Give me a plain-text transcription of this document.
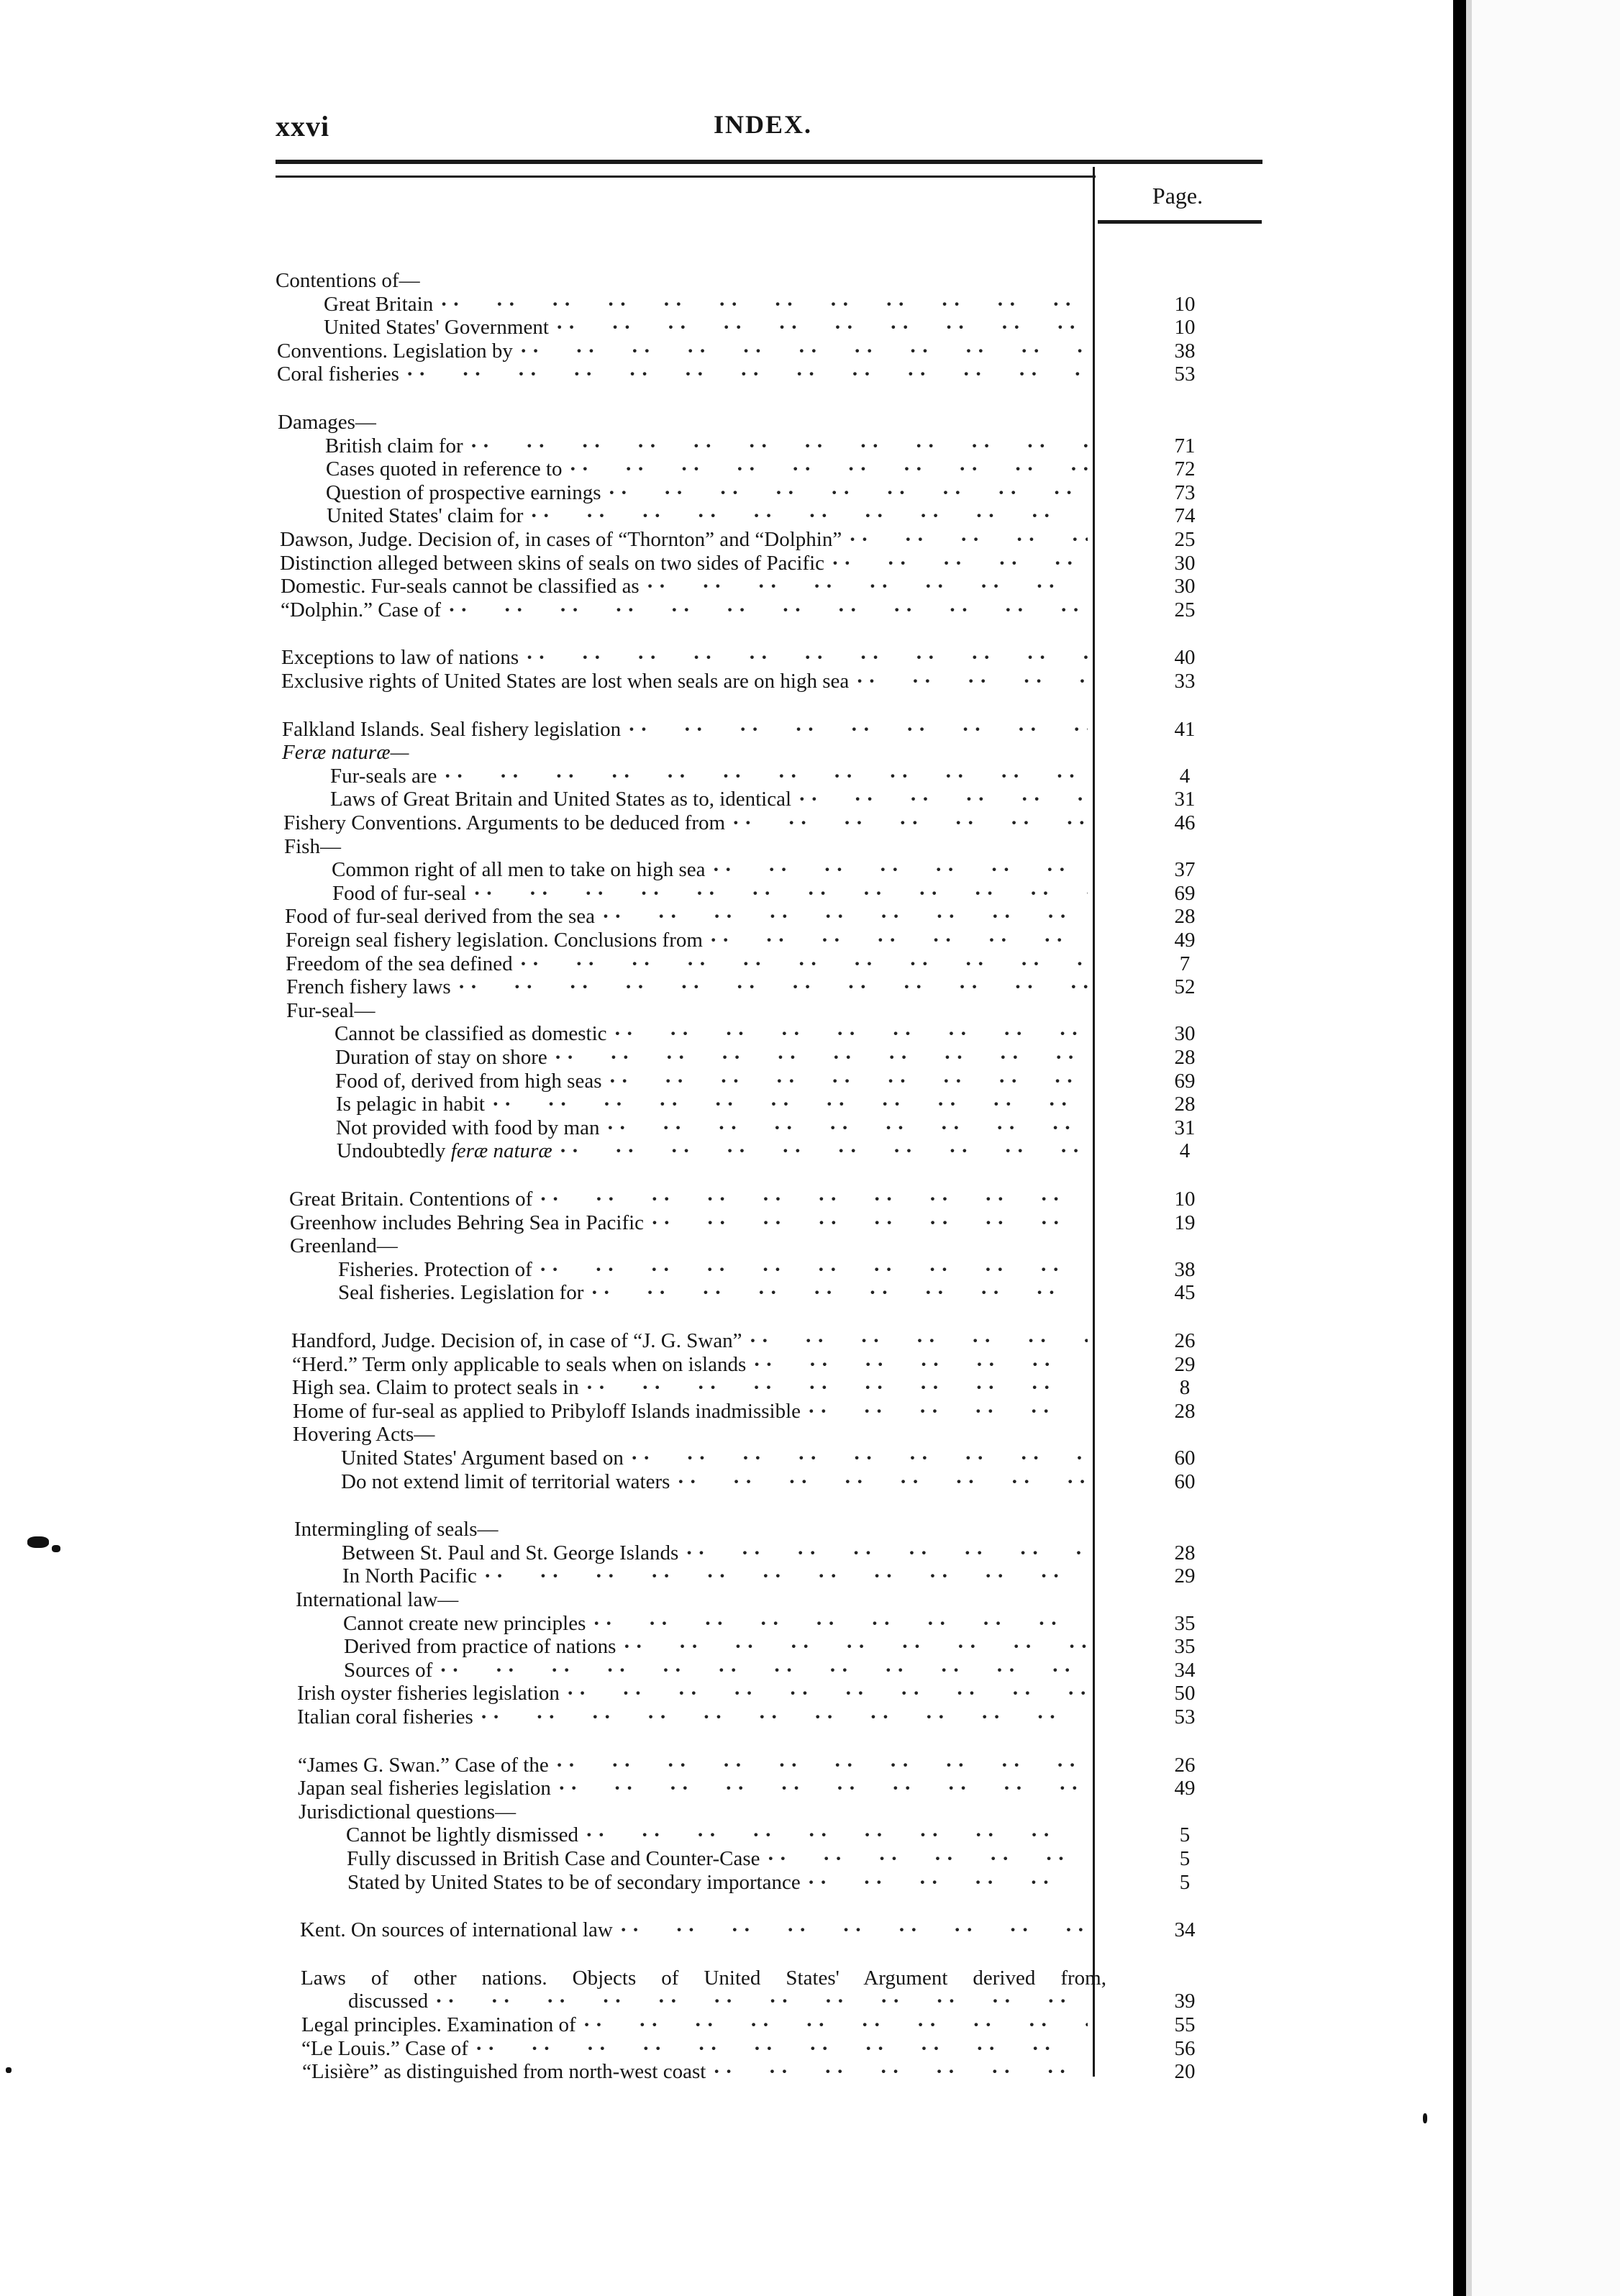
xxvi	INDEX.
Page.
Contentions of—
Great Britain · ·	10
United States' Government · ·	10
Conventions. Legislation by · ·	38
Coral fisheries · ·	53
Damages—
British claim for · ·	71
Cases quoted in reference to · ·	72
Question of prospective earnings · ·	73
United States' claim for · ·	74
Dawson, Judge. Decision of, in cases of “Thornton” and “Dolphin” · ·	25
Distinction alleged between skins of seals on two sides of Pacific · ·	30
Domestic. Fur-seals cannot be classified as · ·	30
“Dolphin.” Case of · ·	25
Exceptions to law of nations · ·	40
Exclusive rights of United States are lost when seals are on high sea · ·	33
Falkland Islands. Seal fishery legislation · ·	41
Feræ naturæ—
Fur-seals are · ·	4
Laws of Great Britain and United States as to, identical · ·	31
Fishery Conventions. Arguments to be deduced from · ·	46
Fish—
Common right of all men to take on high sea · ·	37
Food of fur-seal · ·	69
Food of fur-seal derived from the sea · ·	28
Foreign seal fishery legislation. Conclusions from · ·	49
Freedom of the sea defined · ·	7
French fishery laws · ·	52
Fur-seal—
Cannot be classified as domestic · ·	30
Duration of stay on shore · ·	28
Food of, derived from high seas · ·	69
Is pelagic in habit · ·	28
Not provided with food by man · ·	31
Undoubtedly feræ naturæ · ·	4
Great Britain. Contentions of · ·	10
Greenhow includes Behring Sea in Pacific · ·	19
Greenland—
Fisheries. Protection of · ·	38
Seal fisheries. Legislation for · ·	45
Handford, Judge. Decision of, in case of “J. G. Swan” · ·	26
“Herd.” Term only applicable to seals when on islands · ·	29
High sea. Claim to protect seals in · ·	8
Home of fur-seal as applied to Pribyloff Islands inadmissible · ·	28
Hovering Acts—
United States' Argument based on · ·	60
Do not extend limit of territorial waters · ·	60
Intermingling of seals—
Between St. Paul and St. George Islands · ·	28
In North Pacific · ·	29
International law—
Cannot create new principles · ·	35
Derived from practice of nations · ·	35
Sources of · ·	34
Irish oyster fisheries legislation · ·	50
Italian coral fisheries · ·	53
“James G. Swan.” Case of the · ·	26
Japan seal fisheries legislation · ·	49
Jurisdictional questions—
Cannot be lightly dismissed · ·	5
Fully discussed in British Case and Counter-Case · ·	5
Stated by United States to be of secondary importance · ·	5
Kent. On sources of international law · ·	34
Laws of other nations. Objects of United States' Argument derived from,
discussed · ·	39
Legal principles. Examination of · ·	55
“Le Louis.” Case of · ·	56
“Lisière” as distinguished from north-west coast · ·	20
